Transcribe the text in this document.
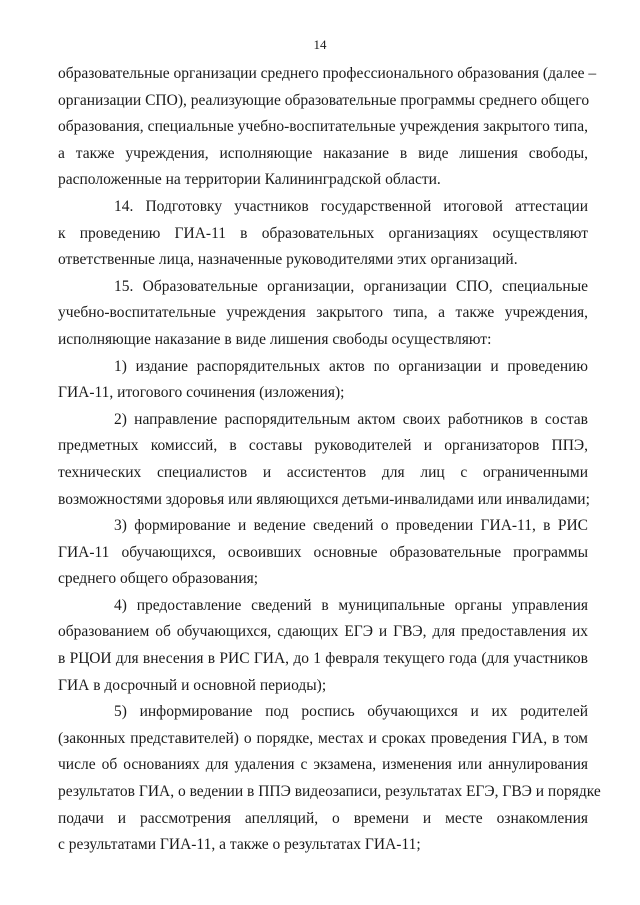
14
образовательные организации среднего профессионального образования (далее –
организации СПО), реализующие образовательные программы среднего общего
образования, специальные учебно-воспитательные учреждения закрытого типа,
а также учреждения, исполняющие наказание в виде лишения свободы,
расположенные на территории Калининградской области.
14. Подготовку участников государственной итоговой аттестации
к проведению ГИА-11 в образовательных организациях осуществляют
ответственные лица, назначенные руководителями этих организаций.
15. Образовательные организации, организации СПО, специальные
учебно-воспитательные учреждения закрытого типа, а также учреждения,
исполняющие наказание в виде лишения свободы осуществляют:
1) издание распорядительных актов по организации и проведению
ГИА-11, итогового сочинения (изложения);
2) направление распорядительным актом своих работников в состав
предметных комиссий, в составы руководителей и организаторов ППЭ,
технических специалистов и ассистентов для лиц с ограниченными
возможностями здоровья или являющихся детьми-инвалидами или инвалидами;
3) формирование и ведение сведений о проведении ГИА-11, в РИС
ГИА-11 обучающихся, освоивших основные образовательные программы
среднего общего образования;
4) предоставление сведений в муниципальные органы управления
образованием об обучающихся, сдающих ЕГЭ и ГВЭ, для предоставления их
в РЦОИ для внесения в РИС ГИА, до 1 февраля текущего года (для участников
ГИА в досрочный и основной периоды);
5) информирование под роспись обучающихся и их родителей
(законных представителей) о порядке, местах и сроках проведения ГИА, в том
числе об основаниях для удаления с экзамена, изменения или аннулирования
результатов ГИА, о ведении в ППЭ видеозаписи, результатах ЕГЭ, ГВЭ и порядке
подачи и рассмотрения апелляций, о времени и месте ознакомления
с результатами ГИА-11, а также о результатах ГИА-11;
